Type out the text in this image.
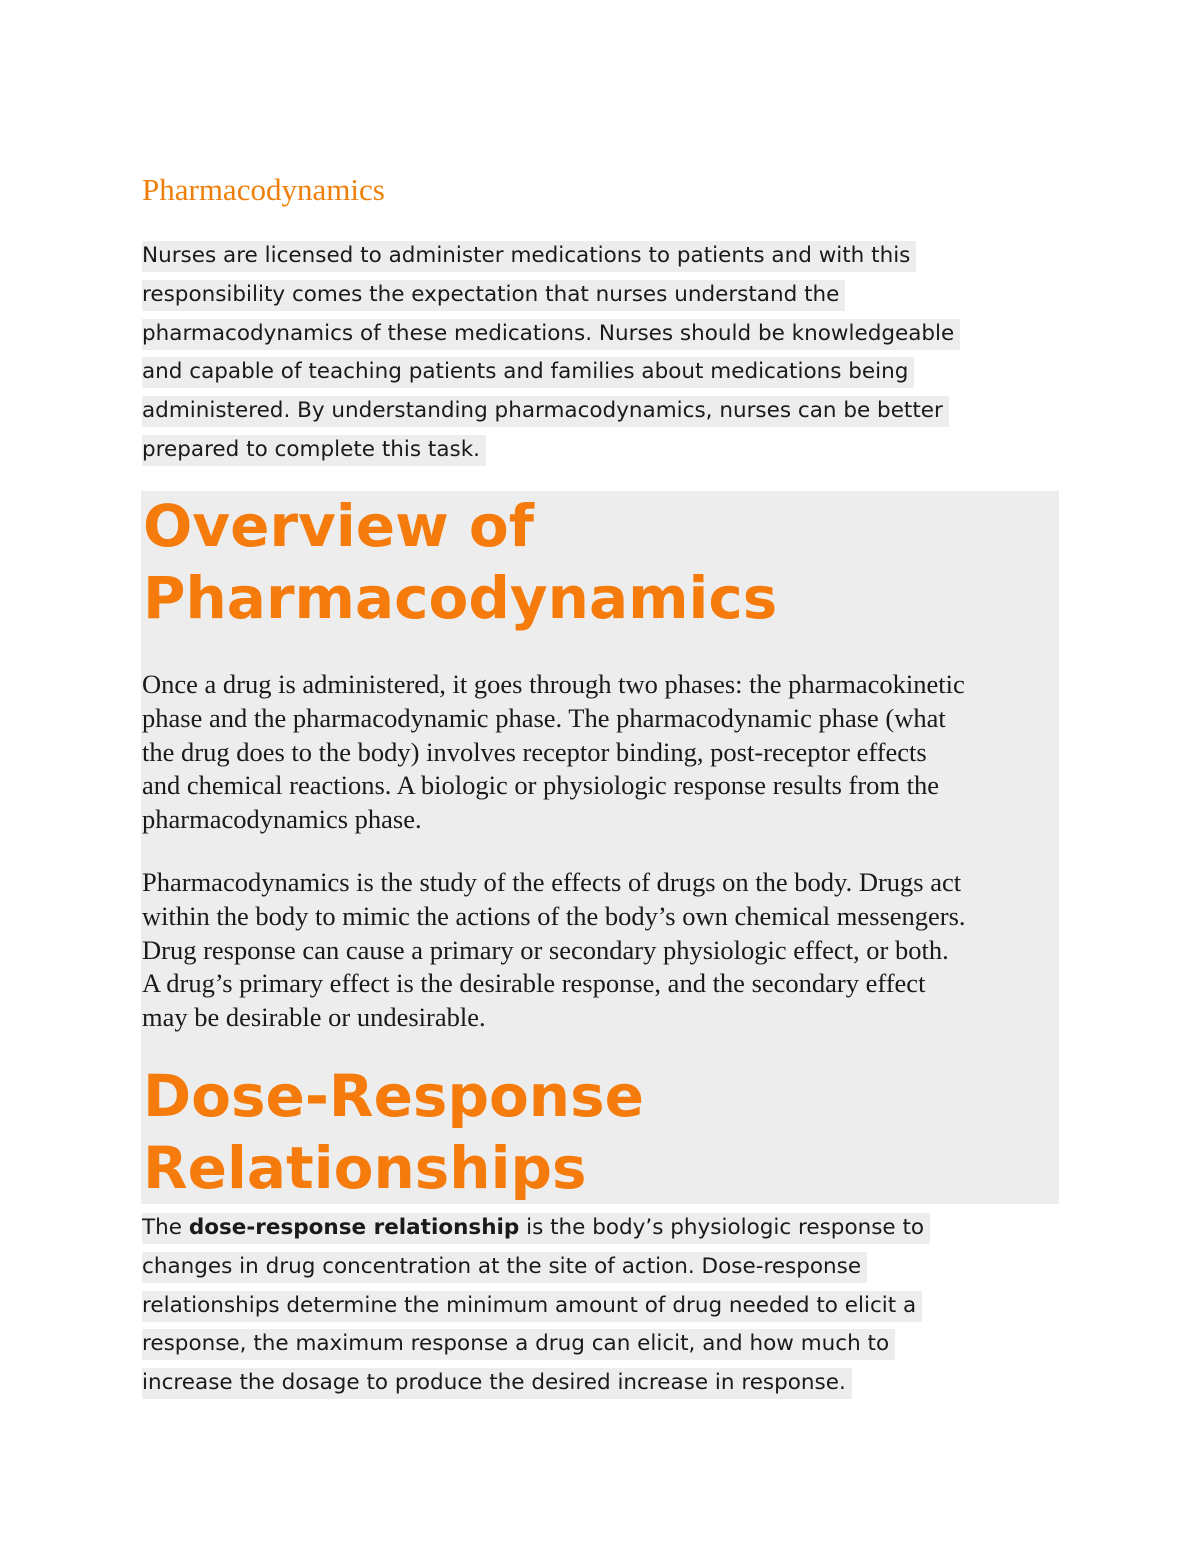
Pharmacodynamics
Nurses are licensed to administer medications to patients and with this
responsibility comes the expectation that nurses understand the
pharmacodynamics of these medications. Nurses should be knowledgeable
and capable of teaching patients and families about medications being
administered. By understanding pharmacodynamics, nurses can be better
prepared to complete this task.
Overview of
Pharmacodynamics
Once a drug is administered, it goes through two phases: the pharmacokinetic
phase and the pharmacodynamic phase. The pharmacodynamic phase (what
the drug does to the body) involves receptor binding, post-receptor effects
and chemical reactions. A biologic or physiologic response results from the
pharmacodynamics phase.
Pharmacodynamics is the study of the effects of drugs on the body. Drugs act
within the body to mimic the actions of the body’s own chemical messengers.
Drug response can cause a primary or secondary physiologic effect, or both.
A drug’s primary effect is the desirable response, and the secondary effect
may be desirable or undesirable.
Dose-Response
Relationships
The dose-response relationship is the body’s physiologic response to
changes in drug concentration at the site of action. Dose-response
relationships determine the minimum amount of drug needed to elicit a
response, the maximum response a drug can elicit, and how much to
increase the dosage to produce the desired increase in response.
